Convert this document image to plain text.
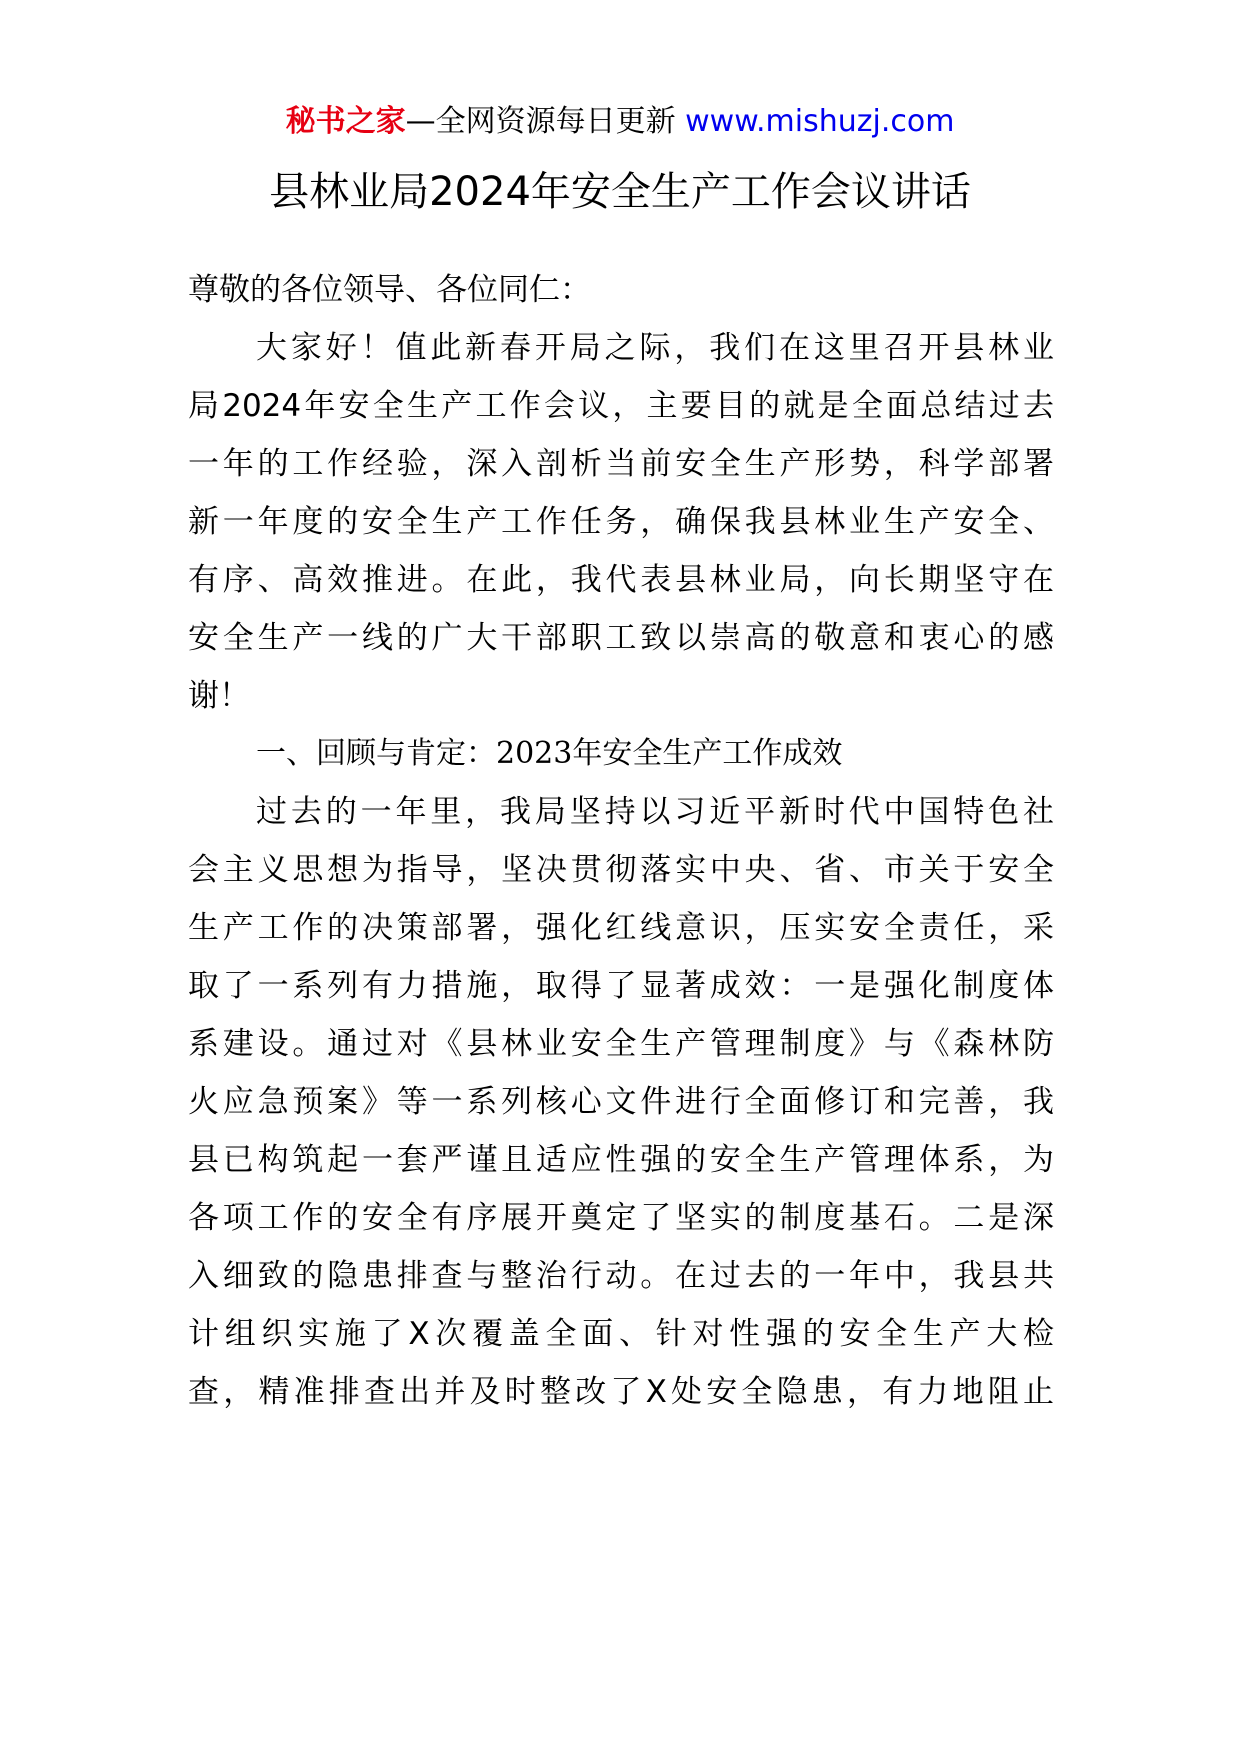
秘书之家—全网资源每日更新 www.mishuzj.com
县林业局2024年安全生产工作会议讲话
尊敬的各位领导、各位同仁：
大家好！值此新春开局之际，我们在这里召开县林业
局2024年安全生产工作会议，主要目的就是全面总结过去
一年的工作经验，深入剖析当前安全生产形势，科学部署
新一年度的安全生产工作任务，确保我县林业生产安全、
有序、高效推进。在此，我代表县林业局，向长期坚守在
安全生产一线的广大干部职工致以崇高的敬意和衷心的感
谢！
一、回顾与肯定：2023年安全生产工作成效
过去的一年里，我局坚持以习近平新时代中国特色社
会主义思想为指导，坚决贯彻落实中央、省、市关于安全
生产工作的决策部署，强化红线意识，压实安全责任，采
取了一系列有力措施，取得了显著成效：一是强化制度体
系建设。通过对《县林业安全生产管理制度》与《森林防
火应急预案》等一系列核心文件进行全面修订和完善，我
县已构筑起一套严谨且适应性强的安全生产管理体系，为
各项工作的安全有序展开奠定了坚实的制度基石。二是深
入细致的隐患排查与整治行动。在过去的一年中，我县共
计组织实施了X次覆盖全面、针对性强的安全生产大检
查，精准排查出并及时整改了X处安全隐患，有力地阻止
